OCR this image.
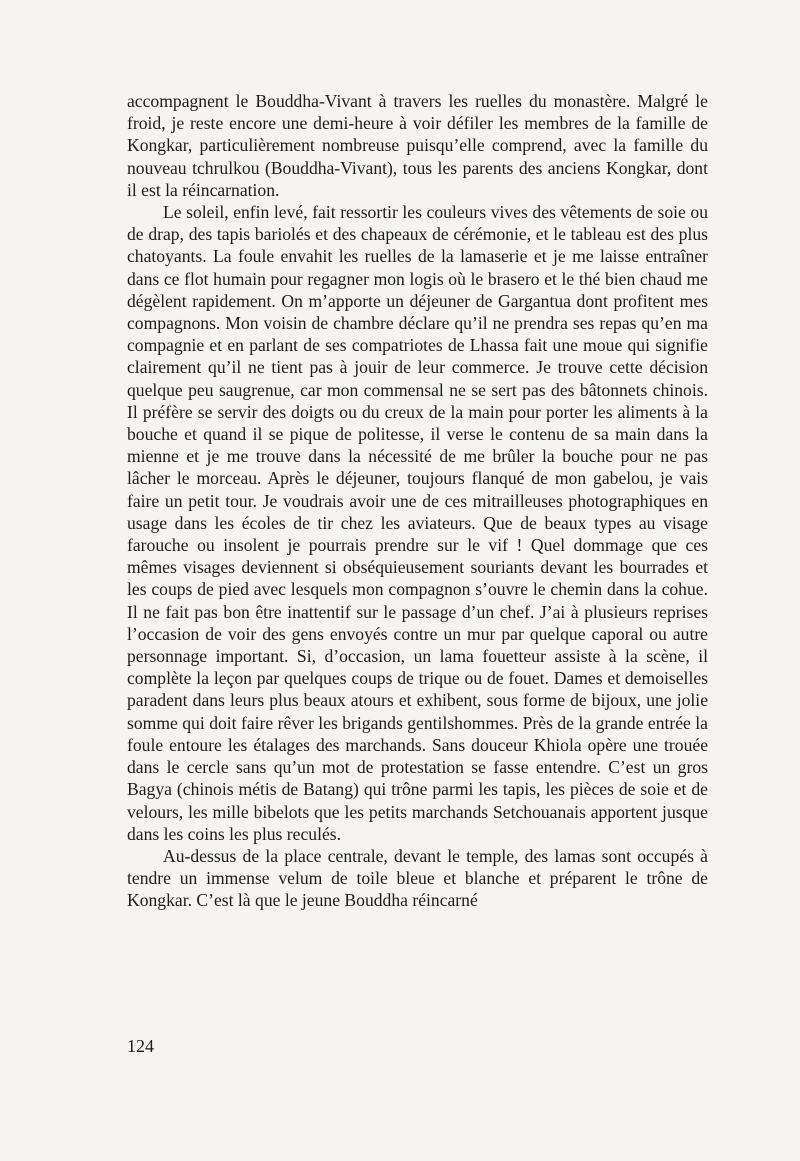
accompagnent le Bouddha-Vivant à travers les ruelles du monastère. Malgré le froid, je reste encore une demi-heure à voir défiler les membres de la famille de Kongkar, particulièrement nombreuse puisqu’elle comprend, avec la famille du nouveau tchrulkou (Bouddha-Vivant), tous les parents des anciens Kongkar, dont il est la réincarnation.

Le soleil, enfin levé, fait ressortir les couleurs vives des vêtements de soie ou de drap, des tapis bariolés et des chapeaux de cérémonie, et le tableau est des plus chatoyants. La foule envahit les ruelles de la lamaserie et je me laisse entraîner dans ce flot humain pour regagner mon logis où le brasero et le thé bien chaud me dégèlent rapidement. On m’apporte un déjeuner de Gargantua dont profitent mes compagnons. Mon voisin de chambre déclare qu’il ne prendra ses repas qu’en ma compagnie et en parlant de ses compatriotes de Lhassa fait une moue qui signifie clairement qu’il ne tient pas à jouir de leur commerce. Je trouve cette décision quelque peu saugrenue, car mon commensal ne se sert pas des bâtonnets chinois. Il préfère se servir des doigts ou du creux de la main pour porter les aliments à la bouche et quand il se pique de politesse, il verse le contenu de sa main dans la mienne et je me trouve dans la nécessité de me brûler la bouche pour ne pas lâcher le morceau. Après le déjeuner, toujours flanqué de mon gabelou, je vais faire un petit tour. Je voudrais avoir une de ces mitrailleuses photographiques en usage dans les écoles de tir chez les aviateurs. Que de beaux types au visage farouche ou insolent je pourrais prendre sur le vif ! Quel dommage que ces mêmes visages deviennent si obséquieusement souriants devant les bourrades et les coups de pied avec lesquels mon compagnon s’ouvre le chemin dans la cohue. Il ne fait pas bon être inattentif sur le passage d’un chef. J’ai à plusieurs reprises l’occasion de voir des gens envoyés contre un mur par quelque caporal ou autre personnage important. Si, d’occasion, un lama fouetteur assiste à la scène, il complète la leçon par quelques coups de trique ou de fouet. Dames et demoiselles paradent dans leurs plus beaux atours et exhibent, sous forme de bijoux, une jolie somme qui doit faire rêver les brigands gentilshommes. Près de la grande entrée la foule entoure les étalages des marchands. Sans douceur Khiola opère une trouée dans le cercle sans qu’un mot de protestation se fasse entendre. C’est un gros Bagya (chinois métis de Batang) qui trône parmi les tapis, les pièces de soie et de velours, les mille bibelots que les petits marchands Setchouanais apportent jusque dans les coins les plus reculés.

Au-dessus de la place centrale, devant le temple, des lamas sont occupés à tendre un immense velum de toile bleue et blanche et préparent le trône de Kongkar. C’est là que le jeune Bouddha réincarné

124
